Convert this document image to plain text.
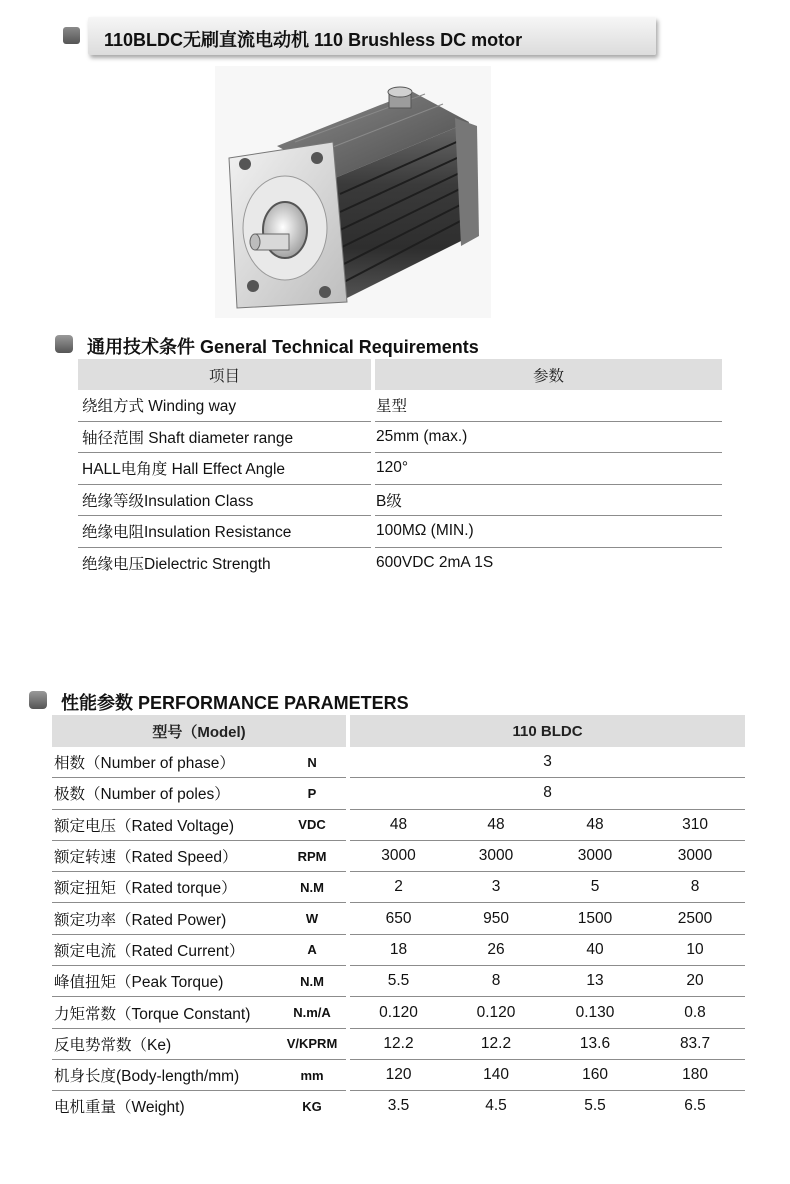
110BLDC无刷直流电动机 110 Brushless DC motor
通用技术条件 General Technical Requirements
项目		参数
绕组方式 Winding way		星型
轴径范围 Shaft diameter range		25mm (max.)
HALL电角度 Hall Effect Angle		120°
绝缘等级Insulation Class		B级
绝缘电阻Insulation Resistance		100MΩ (MIN.)
绝缘电压Dielectric Strength		600VDC 2mA 1S
性能参数 PERFORMANCE PARAMETERS
型号（Model)			110 BLDC			
相数（Number of phase）	N		3			
极数（Number of poles）	P		8			
额定电压（Rated Voltage)	VDC		48	48	48	310
额定转速（Rated Speed）	RPM		3000	3000	3000	3000
额定扭矩（Rated torque）	N.M		2	3	5	8
额定功率（Rated Power)	W		650	950	1500	2500
额定电流（Rated Current）	A		18	26	40	10
峰值扭矩（Peak Torque)	N.M		5.5	8	13	20
力矩常数（Torque Constant)	N.m/A		0.120	0.120	0.130	0.8
反电势常数（Ke)	V/KPRM		12.2	12.2	13.6	83.7
机身长度(Body-length/mm)	mm		120	140	160	180
电机重量（Weight)	KG		3.5	4.5	5.5	6.5
